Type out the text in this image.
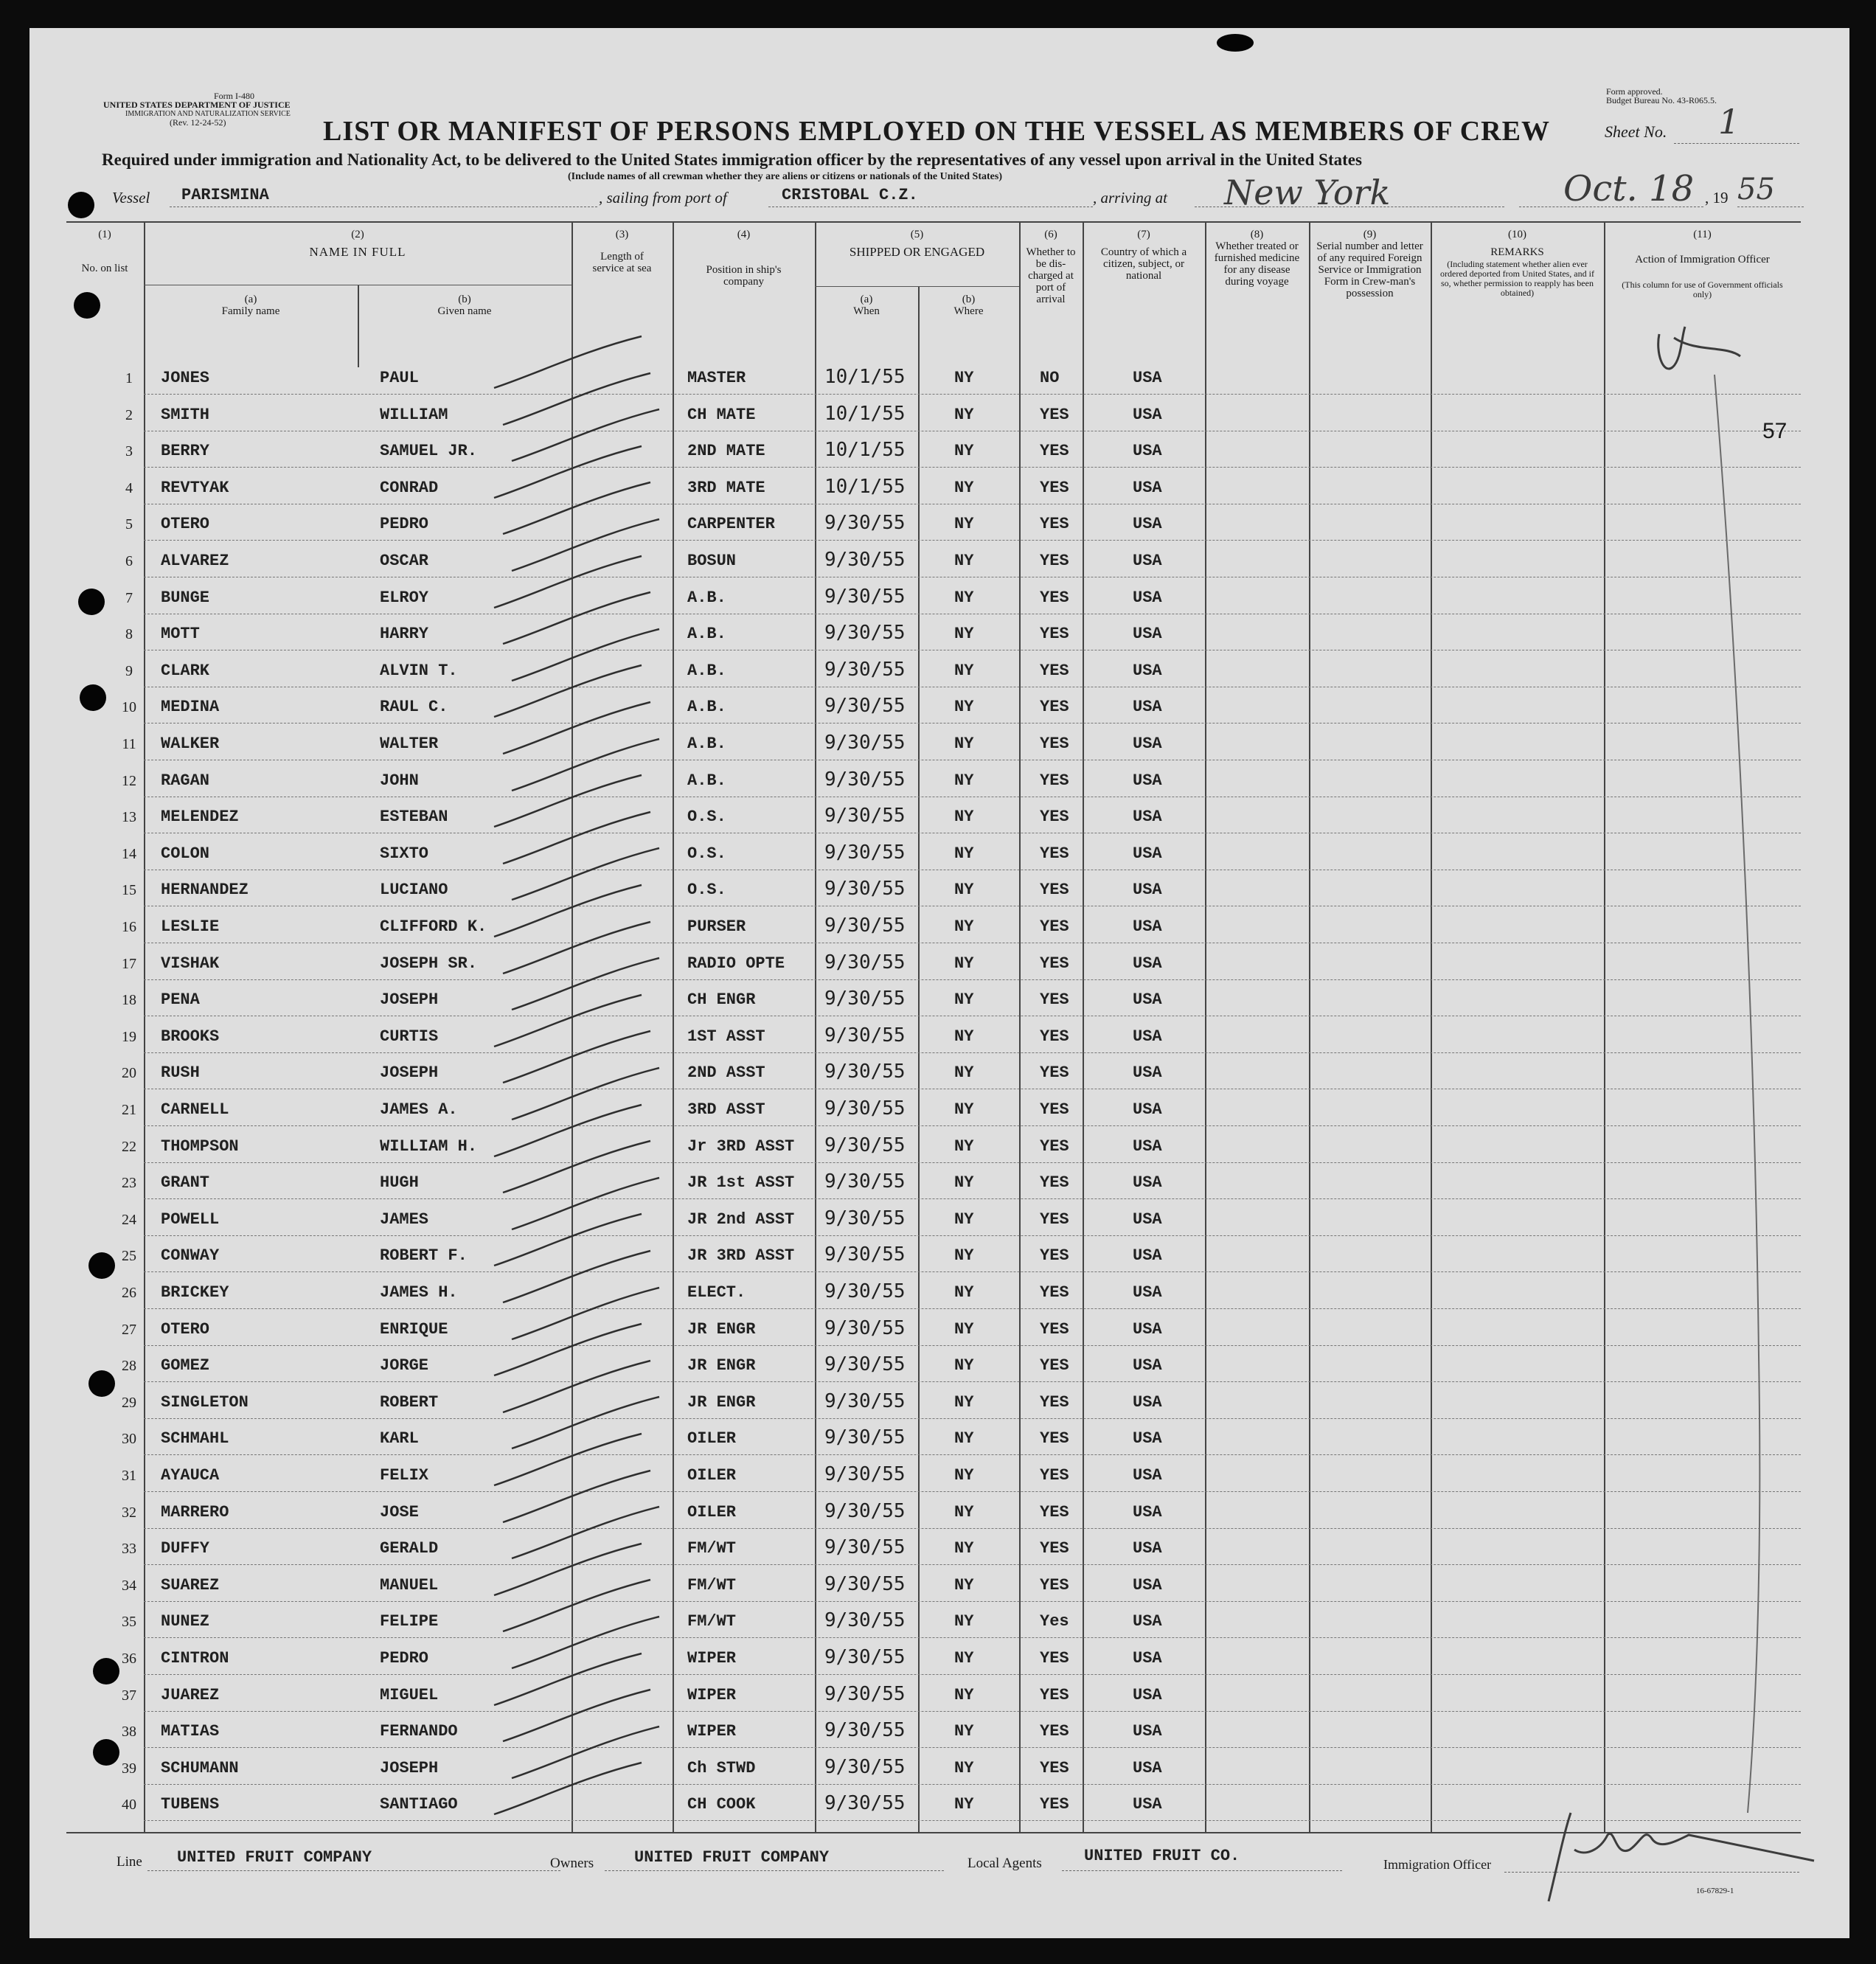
Form I-480
UNITED STATES DEPARTMENT OF JUSTICE
IMMIGRATION AND NATURALIZATION SERVICE
(Rev. 12-24-52)
Form approved.
Budget Bureau No. 43-R065.5.
LIST OR MANIFEST OF PERSONS EMPLOYED ON THE VESSEL AS MEMBERS OF CREW	Sheet No. 1
Required under immigration and Nationality Act, to be delivered to the United States immigration officer by the representatives of any vessel upon arrival in the United States
(Include names of all crewman whether they are aliens or citizens or nationals of the United States)
Vessel PARISMINA	, sailing from port of	CRISTOBAL C.Z.	, arriving at New York	Oct. 18 , 19 55
(1)
No. on list
(2)
NAME IN FULL
(a)
Family name
(b)
Given name
(3)
Length of service at sea
(4)
Position in ship's company
(5)
SHIPPED OR ENGAGED
(a)
When
(b)
Where
(6)
Whether to be dis-charged at port of arrival
(7)
Country of which a citizen, subject, or national
(8)
Whether treated or furnished medicine for any disease during voyage
(9)
Serial number and letter of any required Foreign Service or Immigration Form in Crew-man's possession
(10)
REMARKS
(Including statement whether alien ever ordered deported from United States, and if so, whether permission to reapply has been obtained)
(11)
Action of Immigration Officer
(This column for use of Government officials only)
1	JONES	PAUL	MASTER	10/1/55	NY	NO	USA
2	SMITH	WILLIAM	CH MATE	10/1/55	NY	YES	USA
3	BERRY	SAMUEL JR.	2ND MATE	10/1/55	NY	YES	USA
4	REVTYAK	CONRAD	3RD MATE	10/1/55	NY	YES	USA
5	OTERO	PEDRO	CARPENTER	9/30/55	NY	YES	USA
6	ALVAREZ	OSCAR	BOSUN	9/30/55	NY	YES	USA
7	BUNGE	ELROY	A.B.	9/30/55	NY	YES	USA
8	MOTT	HARRY	A.B.	9/30/55	NY	YES	USA
9	CLARK	ALVIN T.	A.B.	9/30/55	NY	YES	USA
10	MEDINA	RAUL C.	A.B.	9/30/55	NY	YES	USA
11	WALKER	WALTER	A.B.	9/30/55	NY	YES	USA
12	RAGAN	JOHN	A.B.	9/30/55	NY	YES	USA
13	MELENDEZ	ESTEBAN	O.S.	9/30/55	NY	YES	USA
14	COLON	SIXTO	O.S.	9/30/55	NY	YES	USA
15	HERNANDEZ	LUCIANO	O.S.	9/30/55	NY	YES	USA
16	LESLIE	CLIFFORD K.	PURSER	9/30/55	NY	YES	USA
17	VISHAK	JOSEPH SR.	RADIO OPTE 9/30/55	NY	YES	USA
18	PENA	JOSEPH	CH ENGR	9/30/55	NY	YES	USA
19	BROOKS	CURTIS	1ST ASST	9/30/55	NY	YES	USA
20	RUSH	JOSEPH	2ND ASST	9/30/55	NY	YES	USA
21	CARNELL	JAMES A.	3RD ASST	9/30/55	NY	YES	USA
22	THOMPSON	WILLIAM H.	Jr 3RD ASST 9/30/55	NY	YES	USA
23	GRANT	HUGH	JR 1st ASST 9/30/55	NY	YES	USA
24	POWELL	JAMES	JR 2nd ASST 9/30/55	NY	YES	USA
25	CONWAY	ROBERT F.	JR 3RD ASST 9/30/55	NY	YES	USA
26	BRICKEY	JAMES H.	ELECT.	9/30/55	NY	YES	USA
27	OTERO	ENRIQUE	JR ENGR	9/30/55	NY	YES	USA
28	GOMEZ	JORGE	JR ENGR	9/30/55	NY	YES	USA
29	SINGLETON	ROBERT	JR ENGR	9/30/55	NY	YES	USA
30	SCHMAHL	KARL	OILER	9/30/55	NY	YES	USA
31	AYAUCA	FELIX	OILER	9/30/55	NY	YES	USA
32	MARRERO	JOSE	OILER	9/30/55	NY	YES	USA
33	DUFFY	GERALD	FM/WT	9/30/55	NY	YES	USA
34	SUAREZ	MANUEL	FM/WT	9/30/55	NY	YES	USA
35	NUNEZ	FELIPE	FM/WT	9/30/55	NY	Yes	USA
36	CINTRON	PEDRO	WIPER	9/30/55	NY	YES	USA
37	JUAREZ	MIGUEL	WIPER	9/30/55	NY	YES	USA
38	MATIAS	FERNANDO	WIPER	9/30/55	NY	YES	USA
39	SCHUMANN	JOSEPH	Ch STWD	9/30/55	NY	YES	USA
40	TUBENS	SANTIAGO	CH COOK	9/30/55	NY	YES	USA
57
Line UNITED FRUIT COMPANY	Owners UNITED FRUIT COMPANY	Local Agents	UNITED FRUIT CO.	Immigration Officer
16-67829-1
